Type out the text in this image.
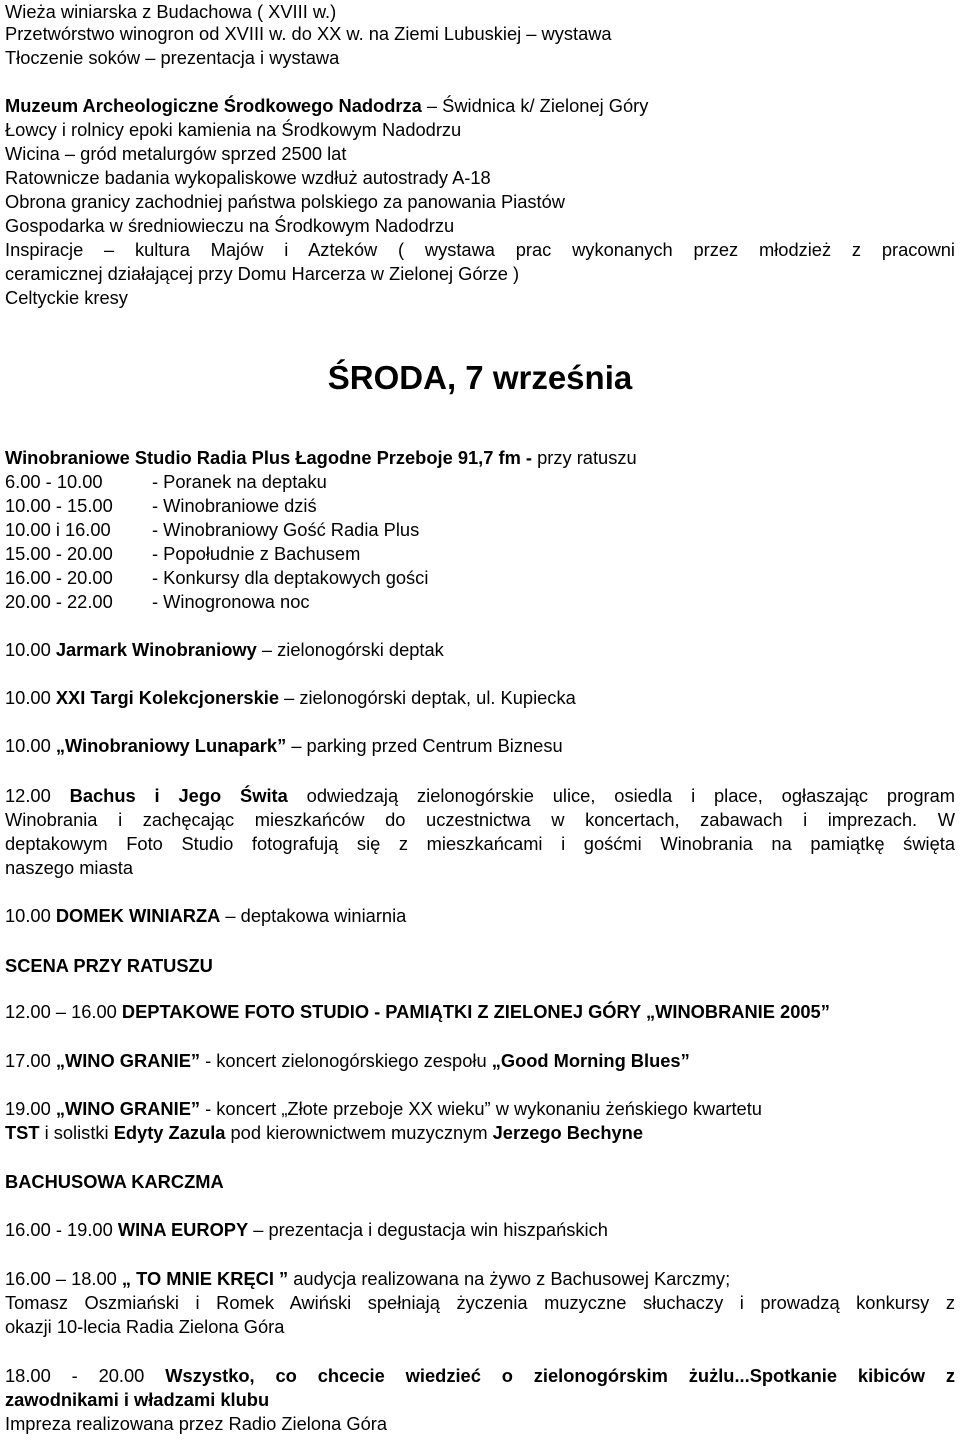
Wieża winiarska z Budachowa ( XVIII w.)
Przetwórstwo winogron od XVIII w. do XX w. na Ziemi Lubuskiej – wystawa
Tłoczenie soków – prezentacja i wystawa
Muzeum Archeologiczne Środkowego Nadodrza – Świdnica k/ Zielonej Góry
Łowcy i rolnicy epoki kamienia na Środkowym Nadodrzu
Wicina – gród metalurgów sprzed 2500 lat
Ratownicze badania wykopaliskowe wzdłuż autostrady A-18
Obrona granicy zachodniej państwa polskiego za panowania Piastów
Gospodarka w średniowieczu na Środkowym Nadodrzu
Inspiracje – kultura Majów i Azteków ( wystawa prac wykonanych przez młodzież z pracowni
ceramicznej działającej przy Domu Harcerza w Zielonej Górze )
Celtyckie kresy
ŚRODA, 7 września
Winobraniowe Studio Radia Plus Łagodne Przeboje 91,7 fm - przy ratuszu
6.00 - 10.00	- Poranek na deptaku
10.00 - 15.00 - Winobraniowe dziś
10.00 i 16.00 - Winobraniowy Gość Radia Plus
15.00 - 20.00 - Popołudnie z Bachusem
16.00 - 20.00 - Konkursy dla deptakowych gości
20.00 - 22.00 - Winogronowa noc
10.00 Jarmark Winobraniowy – zielonogórski deptak
10.00 XXI Targi Kolekcjonerskie – zielonogórski deptak, ul. Kupiecka
10.00 „Winobraniowy Lunapark” – parking przed Centrum Biznesu
12.00 Bachus i Jego Świta odwiedzają zielonogórskie ulice, osiedla i place, ogłaszając program
Winobrania i zachęcając mieszkańców do uczestnictwa w koncertach, zabawach i imprezach. W
deptakowym Foto Studio fotografują się z mieszkańcami i gośćmi Winobrania na pamiątkę święta
naszego miasta
10.00 DOMEK WINIARZA – deptakowa winiarnia
SCENA PRZY RATUSZU
12.00 – 16.00 DEPTAKOWE FOTO STUDIO - PAMIĄTKI Z ZIELONEJ GÓRY „WINOBRANIE 2005”
17.00 „WINO GRANIE” - koncert zielonogórskiego zespołu „Good Morning Blues”
19.00 „WINO GRANIE” - koncert „Złote przeboje XX wieku” w wykonaniu żeńskiego kwartetu
TST i solistki Edyty Zazula pod kierownictwem muzycznym Jerzego Bechyne
BACHUSOWA KARCZMA
16.00 - 19.00 WINA EUROPY – prezentacja i degustacja win hiszpańskich
16.00 – 18.00 „ TO MNIE KRĘCI ” audycja realizowana na żywo z Bachusowej Karczmy;
Tomasz Oszmiański i Romek Awiński spełniają życzenia muzyczne słuchaczy i prowadzą konkursy z
okazji 10-lecia Radia Zielona Góra
18.00 - 20.00 Wszystko, co chcecie wiedzieć o zielonogórskim żużlu...Spotkanie kibiców z
zawodnikami i władzami klubu
Impreza realizowana przez Radio Zielona Góra
